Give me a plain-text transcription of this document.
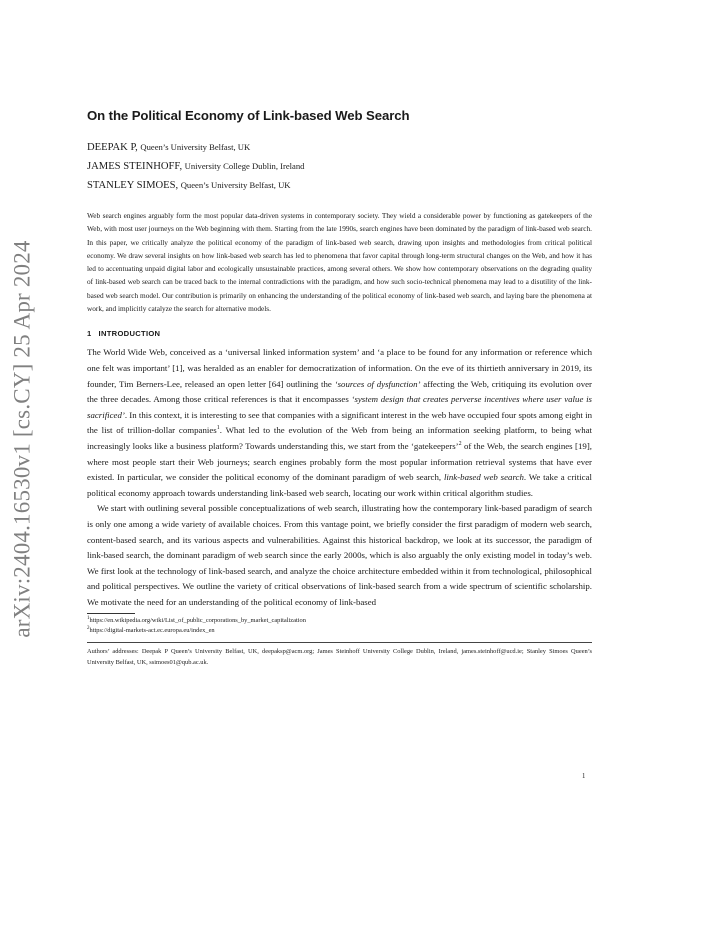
arXiv:2404.16530v1 [cs.CY] 25 Apr 2024
On the Political Economy of Link-based Web Search

DEEPAK P, Queen’s University Belfast, UK

JAMES STEINHOFF, University College Dublin, Ireland

STANLEY SIMOES, Queen’s University Belfast, UK

Web search engines arguably form the most popular data-driven systems in contemporary society. They wield a considerable power by functioning as gatekeepers of the Web, with most user journeys on the Web beginning with them. Starting from the late 1990s, search engines have been dominated by the paradigm of link-based web search. In this paper, we critically analyze the political economy of the paradigm of link-based web search, drawing upon insights and methodologies from critical political economy. We draw several insights on how link-based web search has led to phenomena that favor capital through long-term structural changes on the Web, and how it has led to accentuating unpaid digital labor and ecologically unsustainable practices, among several others. We show how contemporary observations on the degrading quality of link-based web search can be traced back to the internal contradictions with the paradigm, and how such socio-technical phenomena may lead to a disutility of the link-based web search model. Our contribution is primarily on enhancing the understanding of the political economy of link-based web search, and laying bare the phenomena at work, and implicitly catalyze the search for alternative models.

1 INTRODUCTION

The World Wide Web, conceived as a ‘universal linked information system’ and ‘a place to be found for any information or reference which one felt was important’ [1], was heralded as an enabler for democratization of information. On the eve of its thirtieth anniversary in 2019, its founder, Tim Berners-Lee, released an open letter [64] outlining the ‘sources of dysfunction’ affecting the Web, critiquing its evolution over the three decades. Among those critical references is that it encompasses ‘system design that creates perverse incentives where user value is sacrificed’. In this context, it is interesting to see that companies with a significant interest in the web have occupied four spots among eight in the list of trillion-dollar companies$^1$. What led to the evolution of the Web from being an information seeking platform, to being what increasingly looks like a business platform? Towards understanding this, we start from the ‘gatekeepers’$^2$ of the Web, the search engines [19], where most people start their Web journeys; search engines probably form the most popular information retrieval systems that have ever existed. In particular, we consider the political economy of the dominant paradigm of web search, link-based web search. We take a critical political economy approach towards understanding link-based web search, locating our work within critical algorithm studies.

We start with outlining several possible conceptualizations of web search, illustrating how the contemporary link-based paradigm of search is only one among a wide variety of available choices. From this vantage point, we briefly consider the first paradigm of modern web search, content-based search, and its various aspects and vulnerabilities. Against this historical backdrop, we look at its successor, the paradigm of link-based search, the dominant paradigm of web search since the early 2000s, which is also arguably the only existing model in today’s web. We first look at the technology of link-based search, and analyze the choice architecture embedded within it from technological, philosophical and political perspectives. We outline the variety of critical observations of link-based search from a wide spectrum of scientific scholarship. We motivate the need for an understanding of the political economy of link-based

$^1$https://en.wikipedia.org/wiki/List_of_public_corporations_by_market_capitalization

$^2$https://digital-markets-act.ec.europa.eu/index_en

Authors’ addresses: Deepak P Queen’s University Belfast, UK, deepaksp@acm.org; James Steinhoff University College Dublin, Ireland, james.steinhoff@ucd.ie; Stanley Simoes Queen’s University Belfast, UK, ssimoes01@qub.ac.uk.

1
